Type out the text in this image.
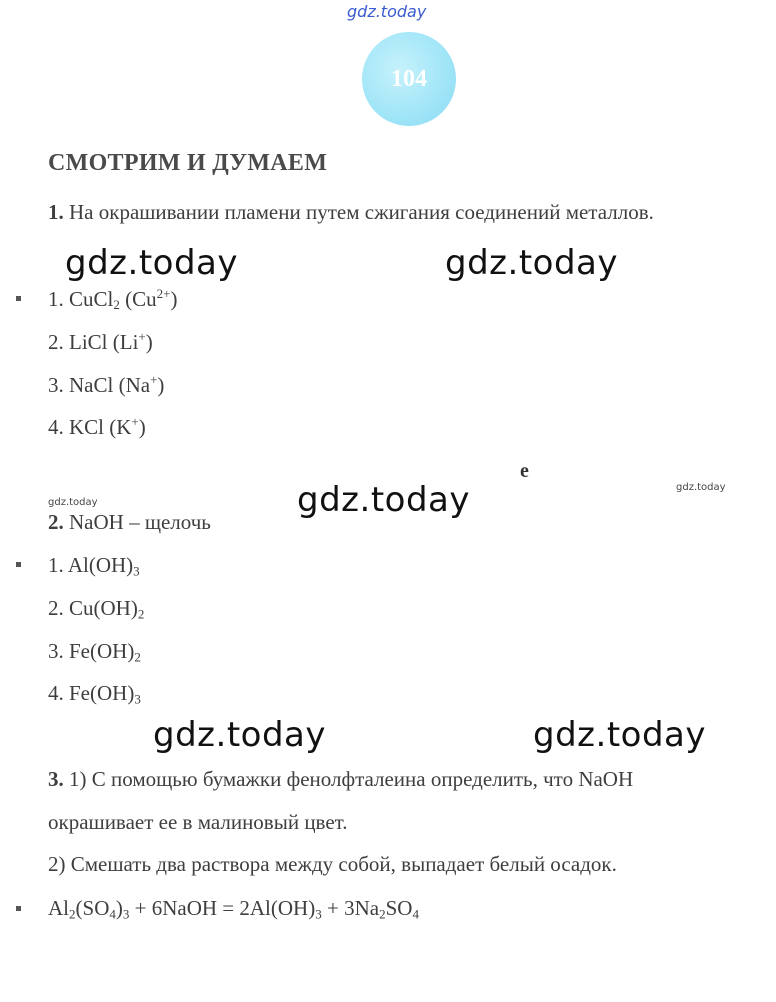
gdz.today
104
СМОТРИМ И ДУМАЕМ
1. На окрашивании пламени путем сжигания соединений металлов.
gdz.today	gdz.today
1. CuCl$_2$ $(Cu^{2+})$
2. LiCl (Li+)
3. NaCl (Na+)
4. KCl (K+)
e
gdz.today
gdz.today
gdz.today
2. NaOH – щелочь
1. $Al(OH)_3$
2. $Cu(OH)_2$
3. $Fe(OH)_2$
4. $Fe(OH)_3$
gdz.today	gdz.today
3. 1) С помощью бумажки фенолфталеина определить, что NaOH
окрашивает ее в малиновый цвет.
2) Смешать два раствора между собой, выпадает белый осадок.
$Al_2(SO_4)_3$ + 6NaOH = $2Al(OH)_3 + 3Na_2SO_4$
